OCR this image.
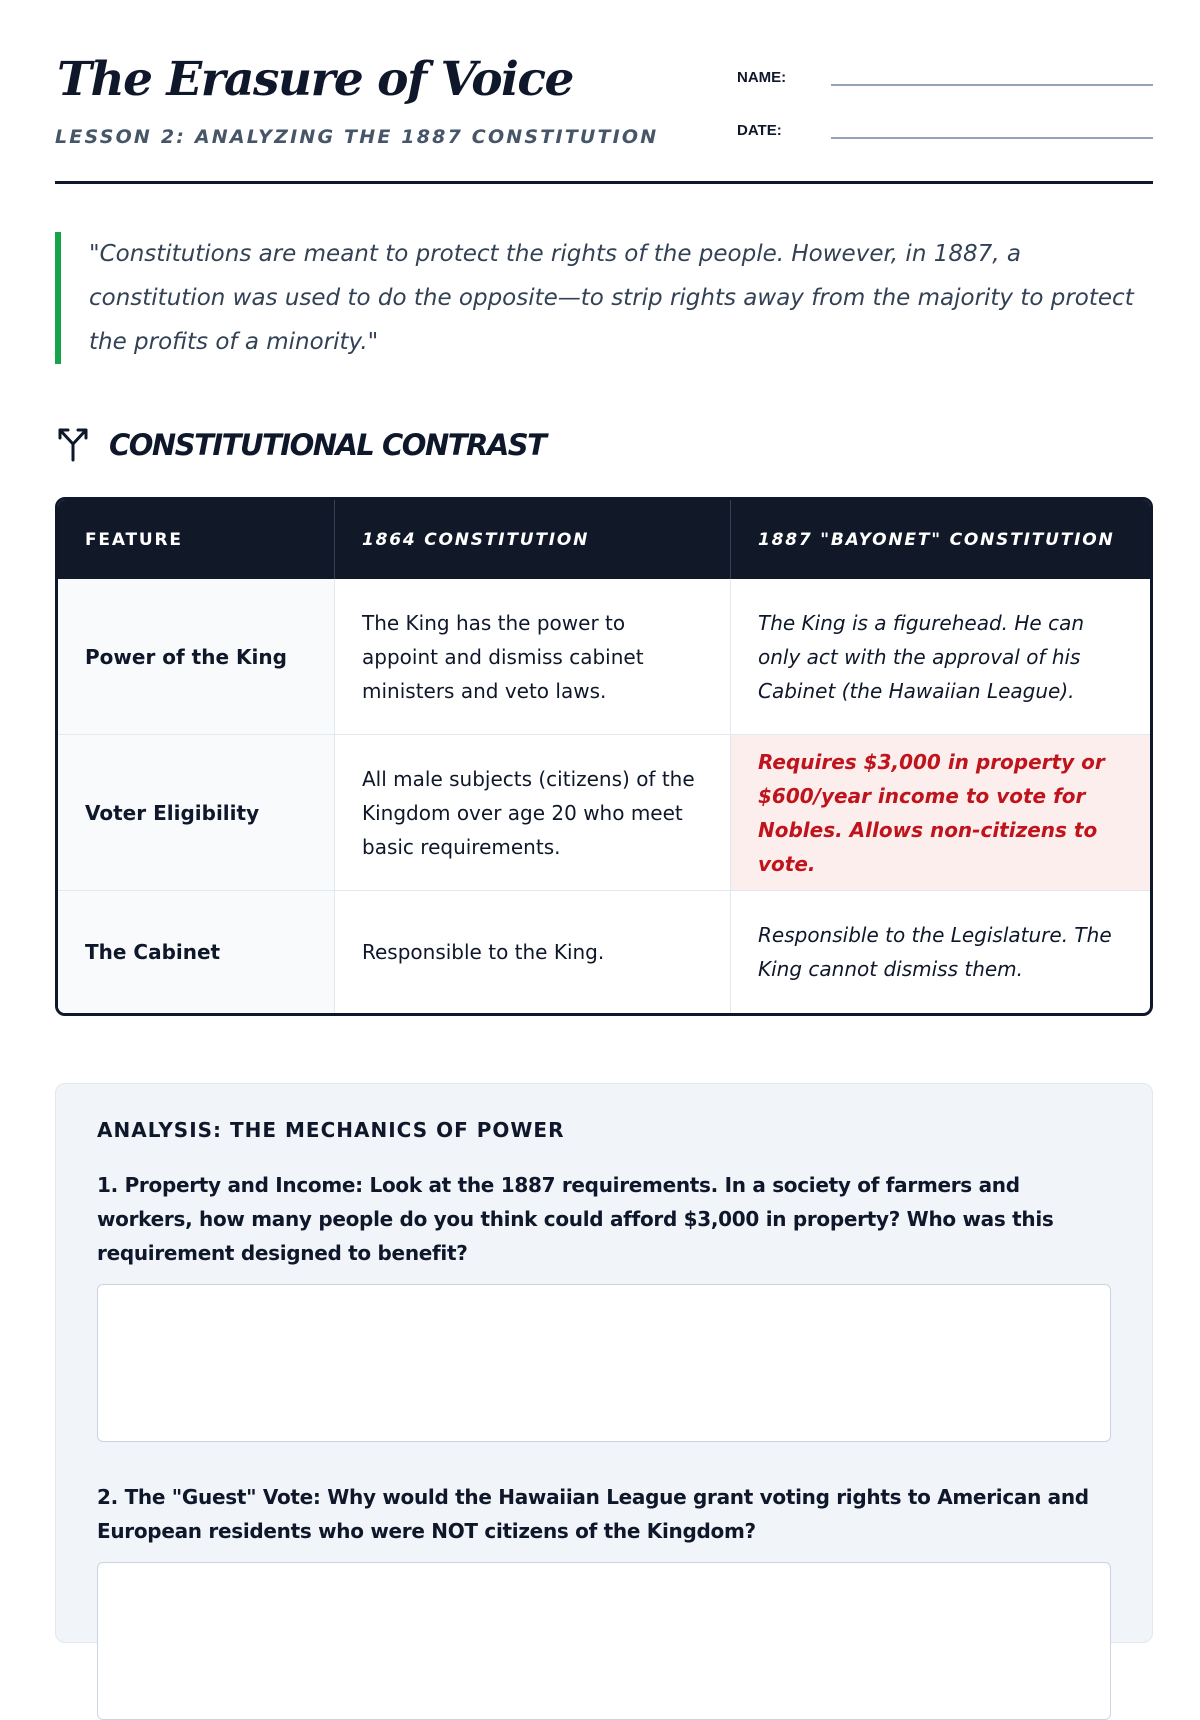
The Erasure of Voice
LESSON 2: ANALYZING THE 1887 CONSTITUTION
NAME:
DATE:
"Constitutions are meant to protect the rights of the people. However, in 1887, a constitution was used to do the opposite—to strip rights away from the majority to protect the profits of a minority."
CONSTITUTIONAL CONTRAST
FEATURE	1864 CONSTITUTION	1887 "BAYONET" CONSTITUTION
Power of the King	The King has the power to appoint and dismiss cabinet ministers and veto laws.	The King is a figurehead. He can only act with the approval of his Cabinet (the Hawaiian League).
Voter Eligibility	All male subjects (citizens) of the Kingdom over age 20 who meet basic requirements.	Requires $3,000 in property or $600/year income to vote for Nobles. Allows non-citizens to vote.
The Cabinet	Responsible to the King.	Responsible to the Legislature. The King cannot dismiss them.
ANALYSIS: THE MECHANICS OF POWER

1. Property and Income: Look at the 1887 requirements. In a society of farmers and workers, how many people do you think could afford $3,000 in property? Who was this requirement designed to benefit?

2. The "Guest" Vote: Why would the Hawaiian League grant voting rights to American and European residents who were NOT citizens of the Kingdom?
